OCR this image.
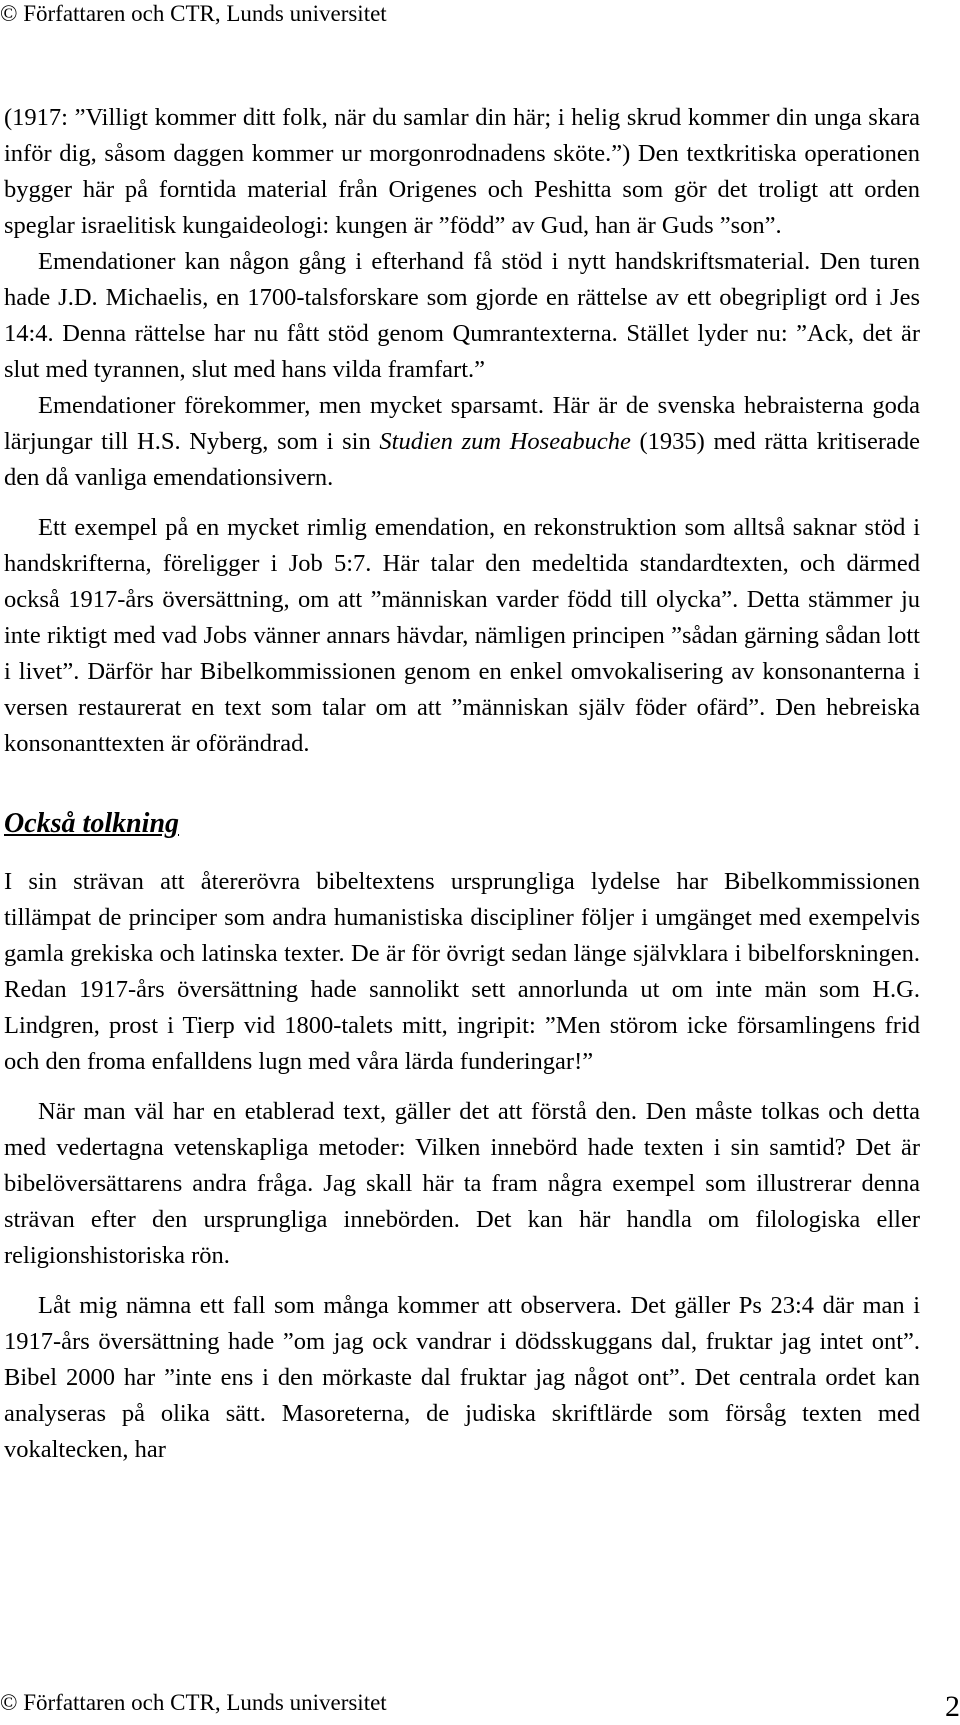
© Författaren och CTR, Lunds universitet

(1917: ”Villigt kommer ditt folk, när du samlar din här; i helig skrud kommer din unga skara inför dig, såsom daggen kommer ur morgonrodnadens sköte.”) Den textkritiska operationen bygger här på forntida material från Origenes och Peshitta som gör det troligt att orden speglar israelitisk kungaideologi: kungen är ”född” av Gud, han är Guds ”son”.

Emendationer kan någon gång i efterhand få stöd i nytt handskriftsmaterial. Den turen hade J.D. Michaelis, en 1700-talsforskare som gjorde en rättelse av ett obegripligt ord i Jes 14:4. Denna rättelse har nu fått stöd genom Qumrantexterna. Stället lyder nu: ”Ack, det är slut med tyrannen, slut med hans vilda framfart.”

Emendationer förekommer, men mycket sparsamt. Här är de svenska hebraisterna goda lärjungar till H.S. Nyberg, som i sin Studien zum Hoseabuche (1935) med rätta kritiserade den då vanliga emendationsivern.

Ett exempel på en mycket rimlig emendation, en rekonstruktion som alltså saknar stöd i handskrifterna, föreligger i Job 5:7. Här talar den medeltida standardtexten, och därmed också 1917-års översättning, om att ”människan varder född till olycka”. Detta stämmer ju inte riktigt med vad Jobs vänner annars hävdar, nämligen principen ”sådan gärning sådan lott i livet”. Därför har Bibelkommissionen genom en enkel omvokalisering av konsonanterna i versen restaurerat en text som talar om att ”människan själv föder ofärd”. Den hebreiska konsonanttexten är oförändrad.

Också tolkning

I sin strävan att återerövra bibeltextens ursprungliga lydelse har Bibelkommissionen tillämpat de principer som andra humanistiska discipliner följer i umgänget med exempelvis gamla grekiska och latinska texter. De är för övrigt sedan länge självklara i bibelforskningen. Redan 1917-års översättning hade sannolikt sett annorlunda ut om inte män som H.G. Lindgren, prost i Tierp vid 1800-talets mitt, ingripit: ”Men störom icke församlingens frid och den froma enfalldens lugn med våra lärda funderingar!”

När man väl har en etablerad text, gäller det att förstå den. Den måste tolkas och detta med vedertagna vetenskapliga metoder: Vilken innebörd hade texten i sin samtid? Det är bibelöversättarens andra fråga. Jag skall här ta fram några exempel som illustrerar denna strävan efter den ursprungliga innebörden. Det kan här handla om filologiska eller religionshistoriska rön.

Låt mig nämna ett fall som många kommer att observera. Det gäller Ps 23:4 där man i 1917-års översättning hade ”om jag ock vandrar i dödsskuggans dal, fruktar jag intet ont”. Bibel 2000 har ”inte ens i den mörkaste dal fruktar jag något ont”. Det centrala ordet kan analyseras på olika sätt. Masoreterna, de judiska skriftlärde som försåg texten med vokaltecken, har

© Författaren och CTR, Lunds universitet	2
